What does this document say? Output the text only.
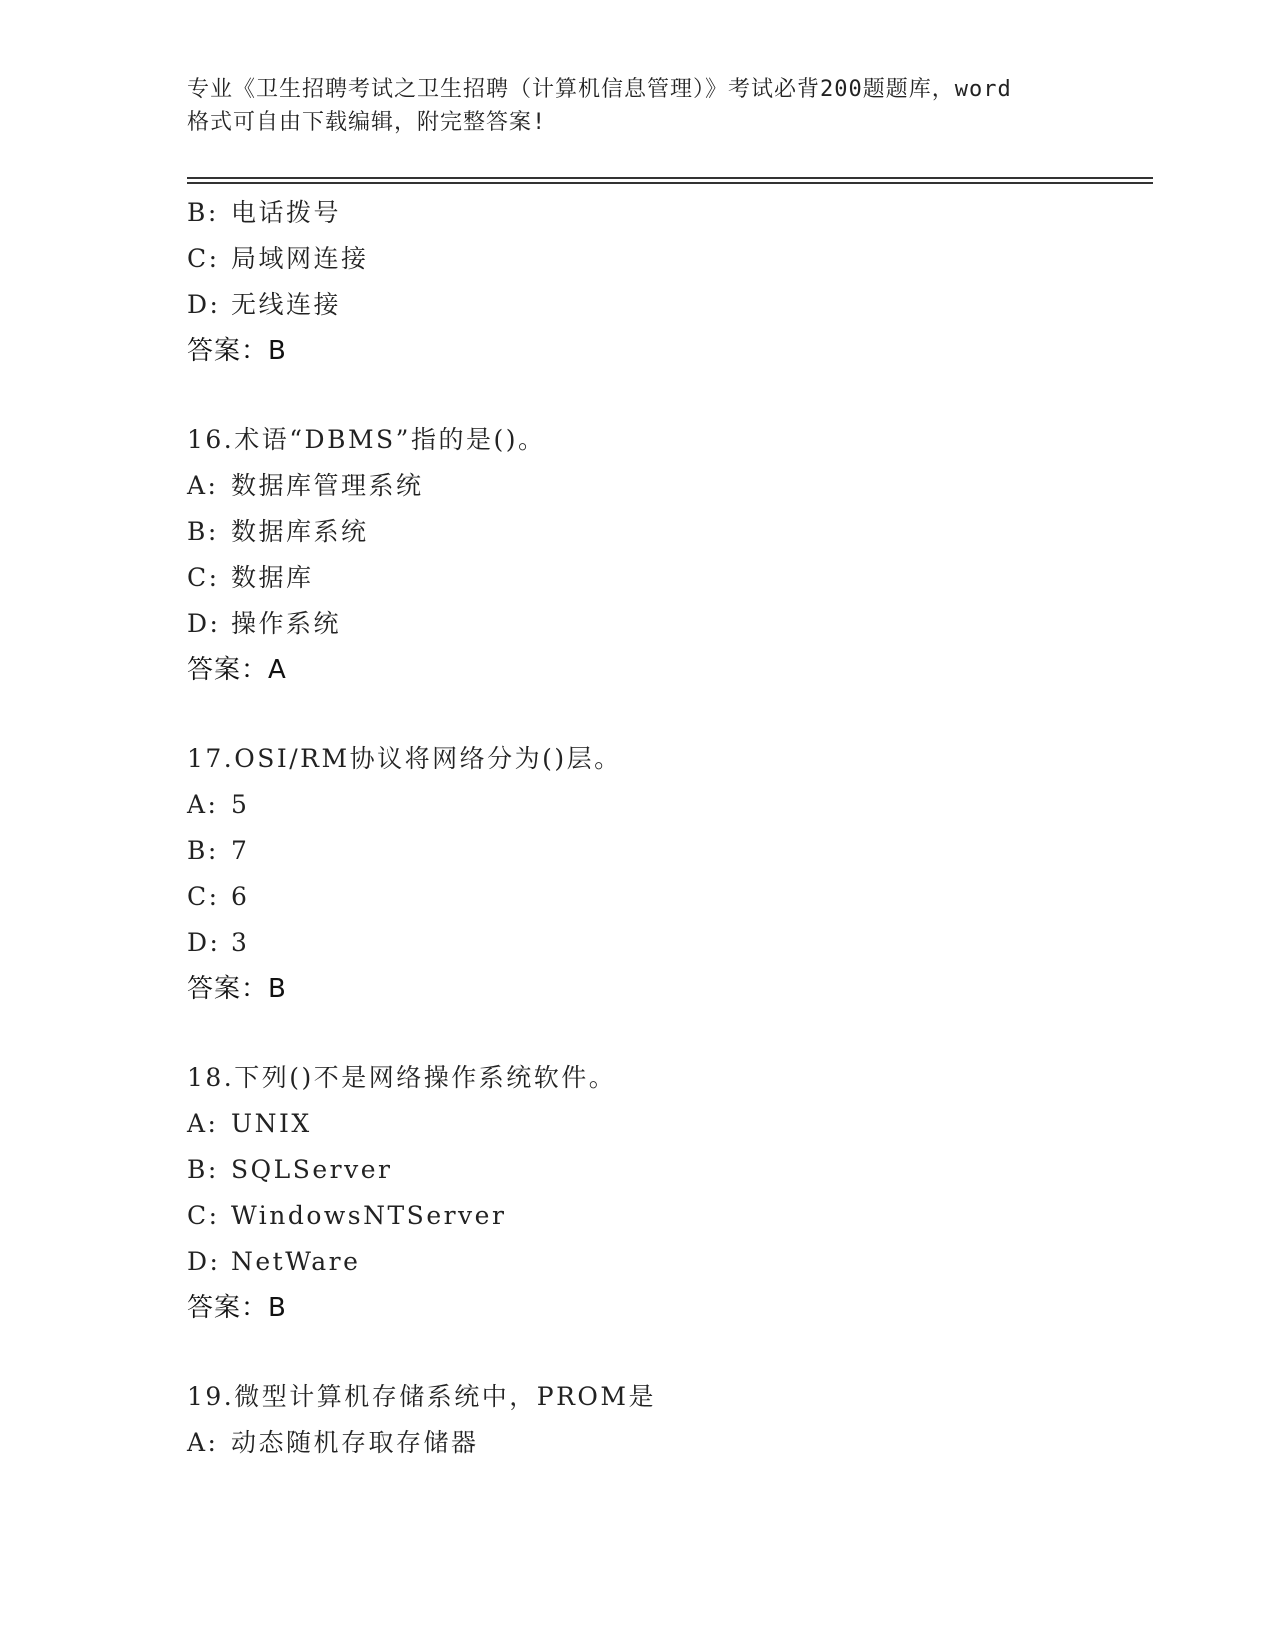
专业《卫生招聘考试之卫生招聘（计算机信息管理）》考试必背200题题库，word
格式可自由下载编辑，附完整答案!
B: 电话拨号
C: 局域网连接
D: 无线连接
答案：B
16.术语“DBMS”指的是()。
A: 数据库管理系统
B: 数据库系统
C: 数据库
D: 操作系统
答案：A
17.OSI/RM协议将网络分为()层。
A: 5
B: 7
C: 6
D: 3
答案：B
18.下列()不是网络操作系统软件。
A: UNIX
B: SQLServer
C: WindowsNTServer
D: NetWare
答案：B
19.微型计算机存储系统中，PROM是
A: 动态随机存取存储器
